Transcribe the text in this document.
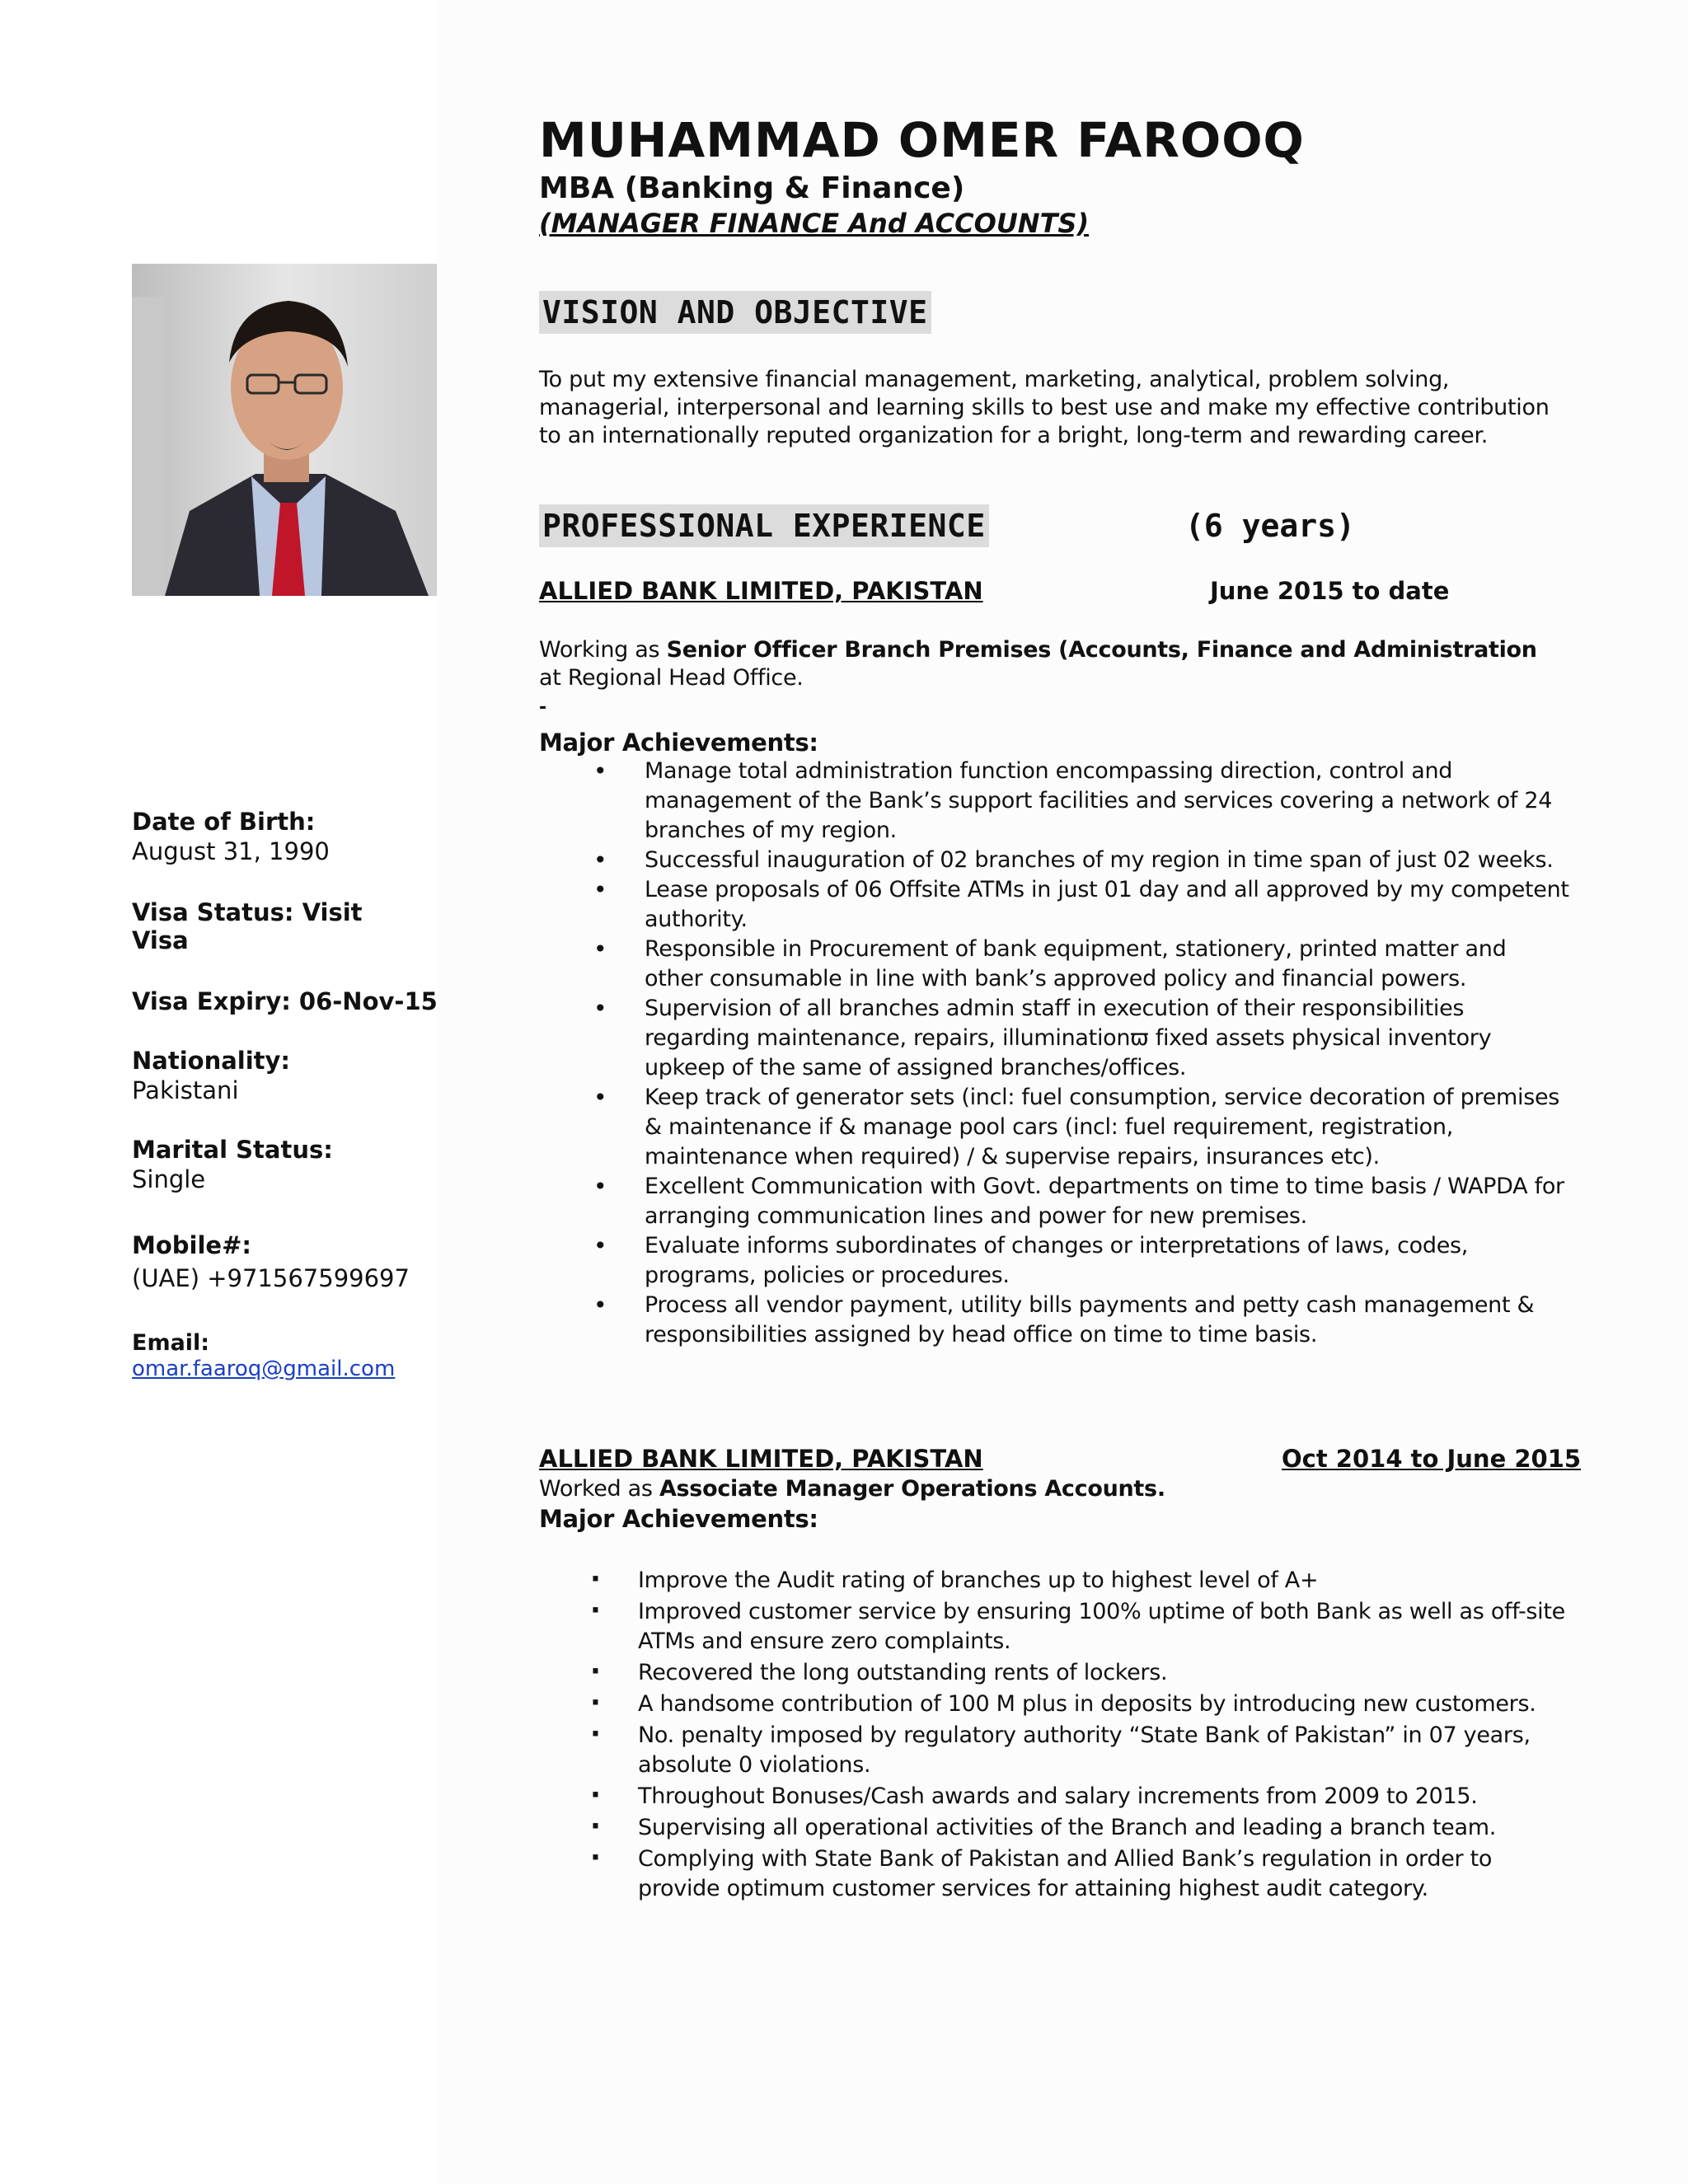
MUHAMMAD OMER FAROOQ
MBA (Banking & Finance)
(MANAGER FINANCE And ACCOUNTS)
VISION AND OBJECTIVE
To put my extensive financial management, marketing, analytical, problem solving, managerial, interpersonal and learning skills to best use and make my effective contribution to an internationally reputed organization for a bright, long-term and rewarding career.
PROFESSIONAL EXPERIENCE	(6 years)
ALLIED BANK LIMITED, PAKISTAN	June 2015 to date
Working as Senior Officer Branch Premises (Accounts, Finance and Administration
at Regional Head Office.
-
Major Achievements:
• Manage total administration function encompassing direction, control and management of the Bank’s support facilities and services covering a network of 24 branches of my region.
• Successful inauguration of 02 branches of my region in time span of just 02 weeks.
• Lease proposals of 06 Offsite ATMs in just 01 day and all approved by my competent authority.
• Responsible in Procurement of bank equipment, stationery, printed matter and other consumable in line with bank’s approved policy and financial powers.
• Supervision of all branches admin staff in execution of their responsibilities regarding maintenance, repairs, illuminationϖ fixed assets physical inventory upkeep of the same of assigned branches/offices.
• Keep track of generator sets (incl: fuel consumption, service decoration of premises & maintenance if & manage pool cars (incl: fuel requirement, registration, maintenance when required) / & supervise repairs, insurances etc).
• Excellent Communication with Govt. departments on time to time basis / WAPDA for arranging communication lines and power for new premises.
• Evaluate informs subordinates of changes or interpretations of laws, codes, programs, policies or procedures.
• Process all vendor payment, utility bills payments and petty cash management & responsibilities assigned by head office on time to time basis.
ALLIED BANK LIMITED, PAKISTAN	Oct 2014 to June 2015
Worked as Associate Manager Operations Accounts.
Major Achievements:
· Improve the Audit rating of branches up to highest level of A+
· Improved customer service by ensuring 100% uptime of both Bank as well as off-site ATMs and ensure zero complaints.
· Recovered the long outstanding rents of lockers.
· A handsome contribution of 100 M plus in deposits by introducing new customers.
· No. penalty imposed by regulatory authority “State Bank of Pakistan” in 07 years, absolute 0 violations.
· Throughout Bonuses/Cash awards and salary increments from 2009 to 2015.
· Supervising all operational activities of the Branch and leading a branch team.
· Complying with State Bank of Pakistan and Allied Bank’s regulation in order to provide optimum customer services for attaining highest audit category.
Date of Birth:
August 31, 1990
Visa Status: Visit
Visa
Visa Expiry: 06-Nov-15
Nationality:
Pakistani
Marital Status:
Single
Mobile#:
(UAE) +971567599697
Email:
omar.faaroq@gmail.com
